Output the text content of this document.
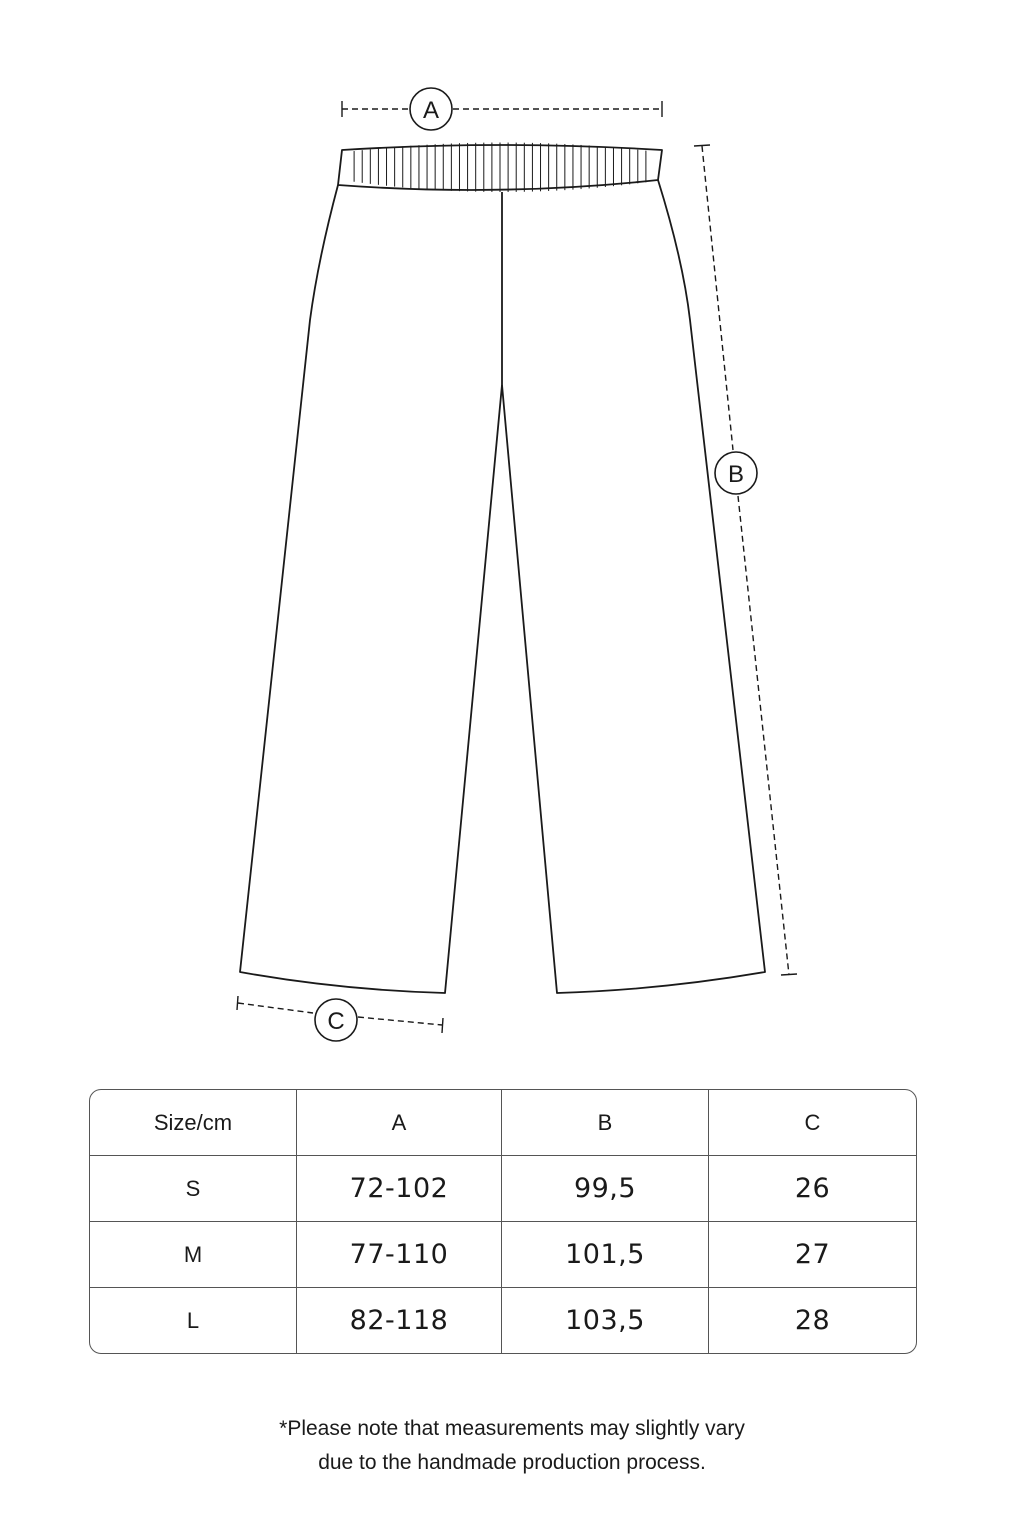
A
B
C
Size/cm	A	B	C
S	72-102	99,5	26
M	77-110	101,5	27
L	82-118	103,5	28
*Please note that measurements may slightly vary
due to the handmade production process.
